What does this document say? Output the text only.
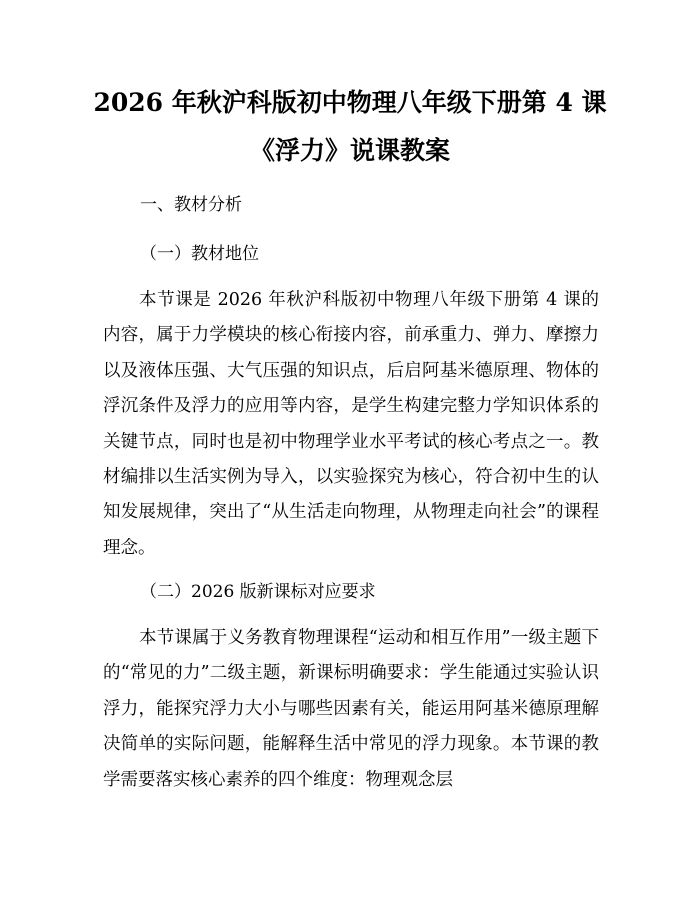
2026 年秋沪科版初中物理八年级下册第 4 课
《浮力》说课教案
一、教材分析
（一）教材地位

本节课是 2026 年秋沪科版初中物理八年级下册第 4 课的内容，属于力学模块的核心衔接内容，前承重力、弹力、摩擦力以及液体压强、大气压强的知识点，后启阿基米德原理、物体的浮沉条件及浮力的应用等内容，是学生构建完整力学知识体系的关键节点，同时也是初中物理学业水平考试的核心考点之一。教材编排以生活实例为导入，以实验探究为核心，符合初中生的认知发展规律，突出了“从生活走向物理，从物理走向社会”的课程理念。

（二）2026 版新课标对应要求

本节课属于义务教育物理课程“运动和相互作用”一级主题下的“常见的力”二级主题，新课标明确要求：学生能通过实验认识浮力，能探究浮力大小与哪些因素有关，能运用阿基米德原理解决简单的实际问题，能解释生活中常见的浮力现象。本节课的教学需要落实核心素养的四个维度：物理观念层
